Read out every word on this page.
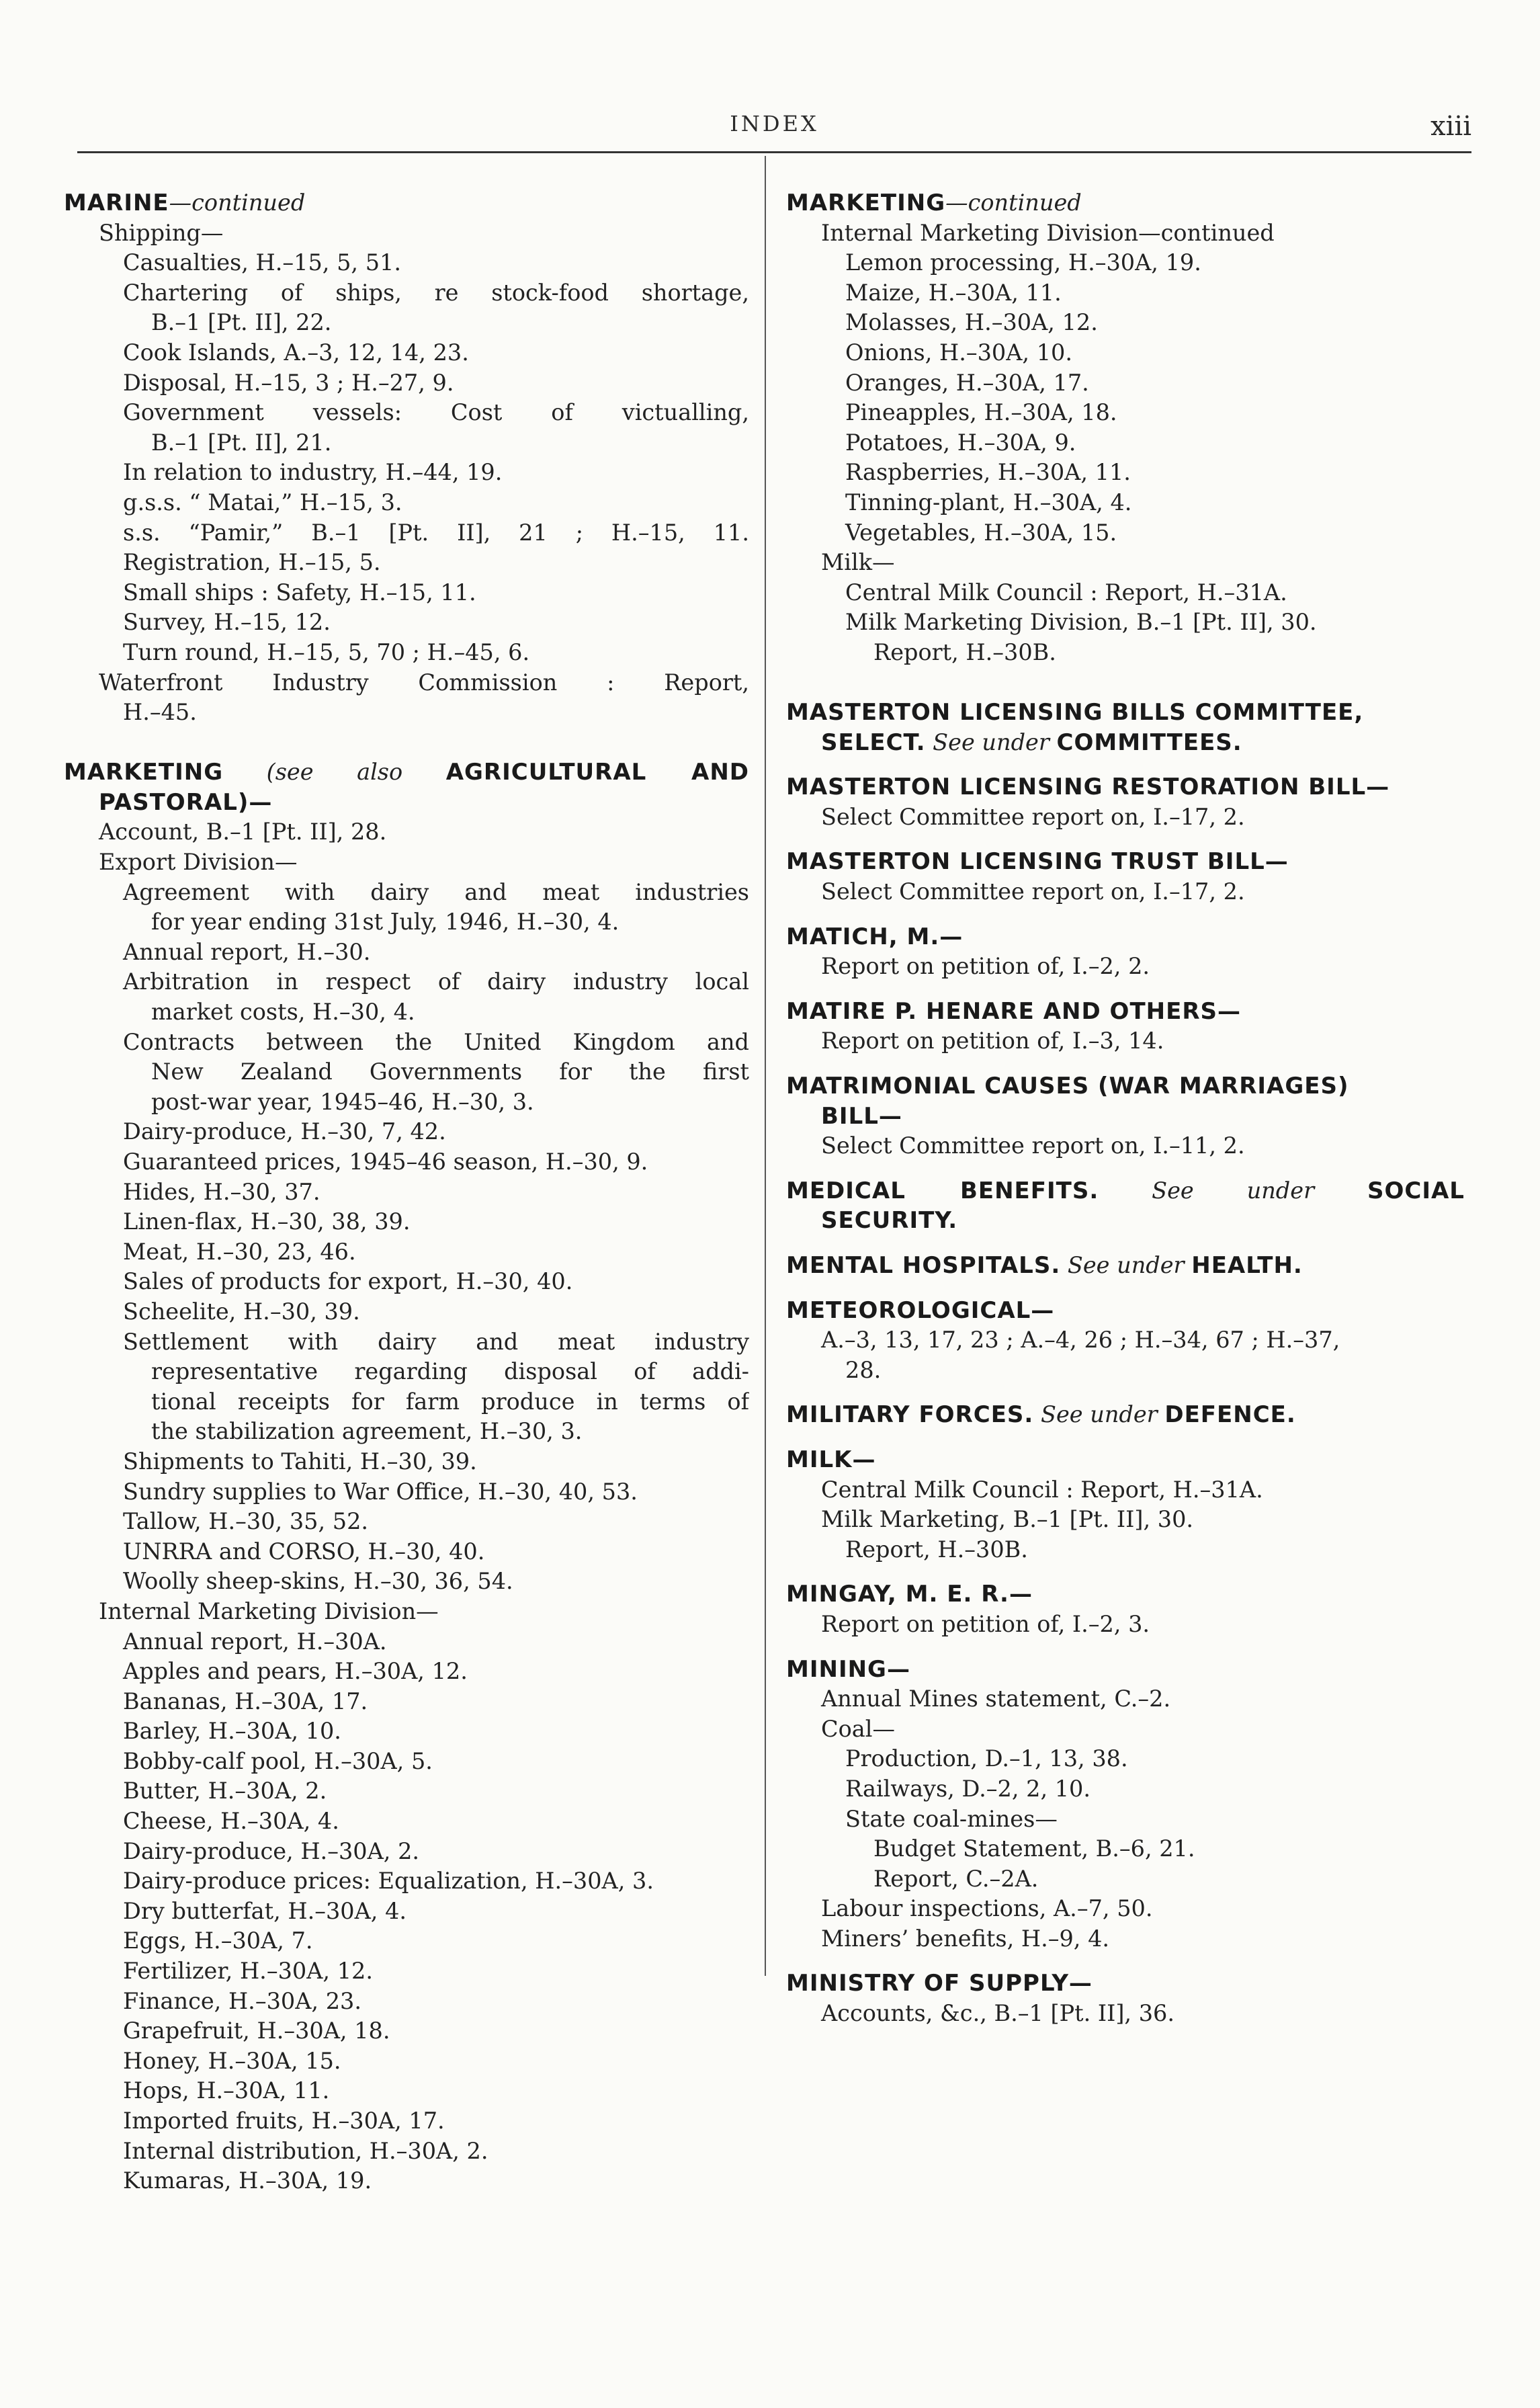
INDEX	xiii
MARINE—continued
Shipping—
Casualties, H.–15, 5, 51.
Chartering of ships, re stock-food shortage,
B.–1 [Pt. II], 22.
Cook Islands, A.–3, 12, 14, 23.
Disposal, H.–15, 3 ; H.–27, 9.
Government vessels: Cost of victualling,
B.–1 [Pt. II], 21.
In relation to industry, H.–44, 19.
g.s.s. “ Matai,” H.–15, 3.
s.s. “Pamir,” B.–1 [Pt. II], 21 ; H.–15, 11.
Registration, H.–15, 5.
Small ships : Safety, H.–15, 11.
Survey, H.–15, 12.
Turn round, H.–15, 5, 70 ; H.–45, 6.
Waterfront Industry Commission : Report,
H.–45.
MARKETING (see also AGRICULTURAL AND
PASTORAL)—
Account, B.–1 [Pt. II], 28.
Export Division—
Agreement with dairy and meat industries
for year ending 31st July, 1946, H.–30, 4.
Annual report, H.–30.
Arbitration in respect of dairy industry local
market costs, H.–30, 4.
Contracts between the United Kingdom and
New Zealand Governments for the first
post-war year, 1945–46, H.–30, 3.
Dairy-produce, H.–30, 7, 42.
Guaranteed prices, 1945–46 season, H.–30, 9.
Hides, H.–30, 37.
Linen-flax, H.–30, 38, 39.
Meat, H.–30, 23, 46.
Sales of products for export, H.–30, 40.
Scheelite, H.–30, 39.
Settlement with dairy and meat industry
representative regarding disposal of addi-
tional receipts for farm produce in terms of
the stabilization agreement, H.–30, 3.
Shipments to Tahiti, H.–30, 39.
Sundry supplies to War Office, H.–30, 40, 53.
Tallow, H.–30, 35, 52.
UNRRA and CORSO, H.–30, 40.
Woolly sheep-skins, H.–30, 36, 54.
Internal Marketing Division—
Annual report, H.–30A.
Apples and pears, H.–30A, 12.
Bananas, H.–30A, 17.
Barley, H.–30A, 10.
Bobby-calf pool, H.–30A, 5.
Butter, H.–30A, 2.
Cheese, H.–30A, 4.
Dairy-produce, H.–30A, 2.
Dairy-produce prices: Equalization, H.–30A, 3.
Dry butterfat, H.–30A, 4.
Eggs, H.–30A, 7.
Fertilizer, H.–30A, 12.
Finance, H.–30A, 23.
Grapefruit, H.–30A, 18.
Honey, H.–30A, 15.
Hops, H.–30A, 11.
Imported fruits, H.–30A, 17.
Internal distribution, H.–30A, 2.
Kumaras, H.–30A, 19.
MARKETING—continued
Internal Marketing Division—continued
Lemon processing, H.–30A, 19.
Maize, H.–30A, 11.
Molasses, H.–30A, 12.
Onions, H.–30A, 10.
Oranges, H.–30A, 17.
Pineapples, H.–30A, 18.
Potatoes, H.–30A, 9.
Raspberries, H.–30A, 11.
Tinning-plant, H.–30A, 4.
Vegetables, H.–30A, 15.
Milk—
Central Milk Council : Report, H.–31A.
Milk Marketing Division, B.–1 [Pt. II], 30.
Report, H.–30B.
MASTERTON LICENSING BILLS COMMITTEE,
SELECT. See under COMMITTEES.
MASTERTON LICENSING RESTORATION BILL—
Select Committee report on, I.–17, 2.
MASTERTON LICENSING TRUST BILL—
Select Committee report on, I.–17, 2.
MATICH, M.—
Report on petition of, I.–2, 2.
MATIRE P. HENARE AND OTHERS—
Report on petition of, I.–3, 14.
MATRIMONIAL CAUSES (WAR MARRIAGES)
BILL—
Select Committee report on, I.–11, 2.
MEDICAL BENEFITS. See under SOCIAL
SECURITY.
MENTAL HOSPITALS. See under HEALTH.
METEOROLOGICAL—
A.–3, 13, 17, 23 ; A.–4, 26 ; H.–34, 67 ; H.–37,
28.
MILITARY FORCES. See under DEFENCE.
MILK—
Central Milk Council : Report, H.–31A.
Milk Marketing, B.–1 [Pt. II], 30.
Report, H.–30B.
MINGAY, M. E. R.—
Report on petition of, I.–2, 3.
MINING—
Annual Mines statement, C.–2.
Coal—
Production, D.–1, 13, 38.
Railways, D.–2, 2, 10.
State coal-mines—
Budget Statement, B.–6, 21.
Report, C.–2A.
Labour inspections, A.–7, 50.
Miners’ benefits, H.–9, 4.
MINISTRY OF SUPPLY—
Accounts, &c., B.–1 [Pt. II], 36.
